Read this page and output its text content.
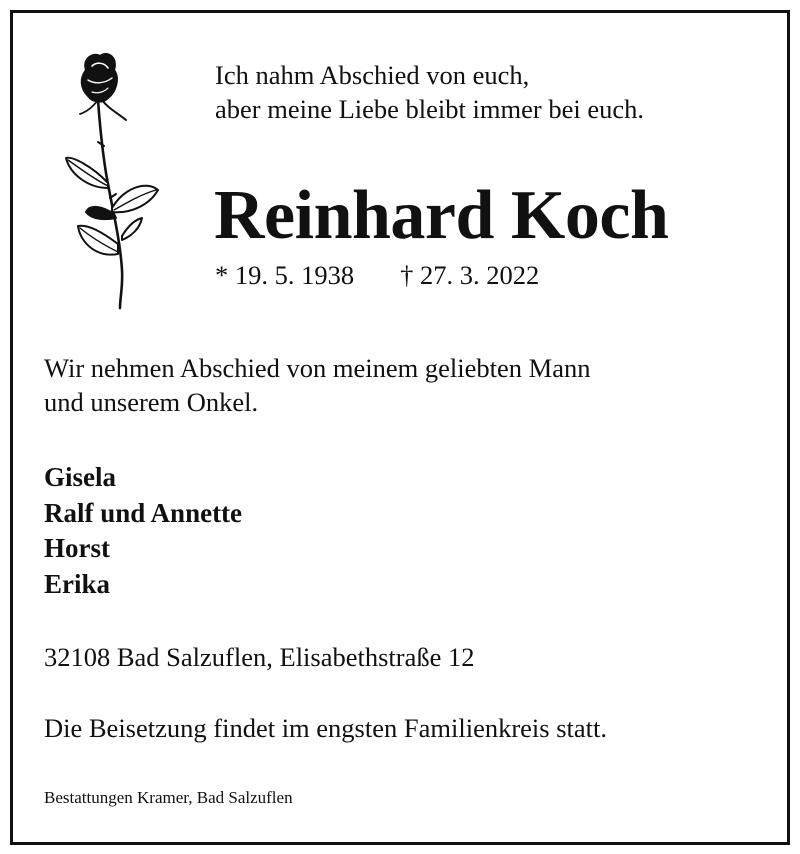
Ich nahm Abschied von euch,
aber meine Liebe bleibt immer bei euch.
Reinhard Koch
* 19. 5. 1938 † 27. 3. 2022
Wir nehmen Abschied von meinem geliebten Mann
und unserem Onkel.
Gisela
Ralf und Annette
Horst
Erika
32108 Bad Salzuflen, Elisabethstraße 12
Die Beisetzung findet im engsten Familienkreis statt.
Bestattungen Kramer, Bad Salzuflen
